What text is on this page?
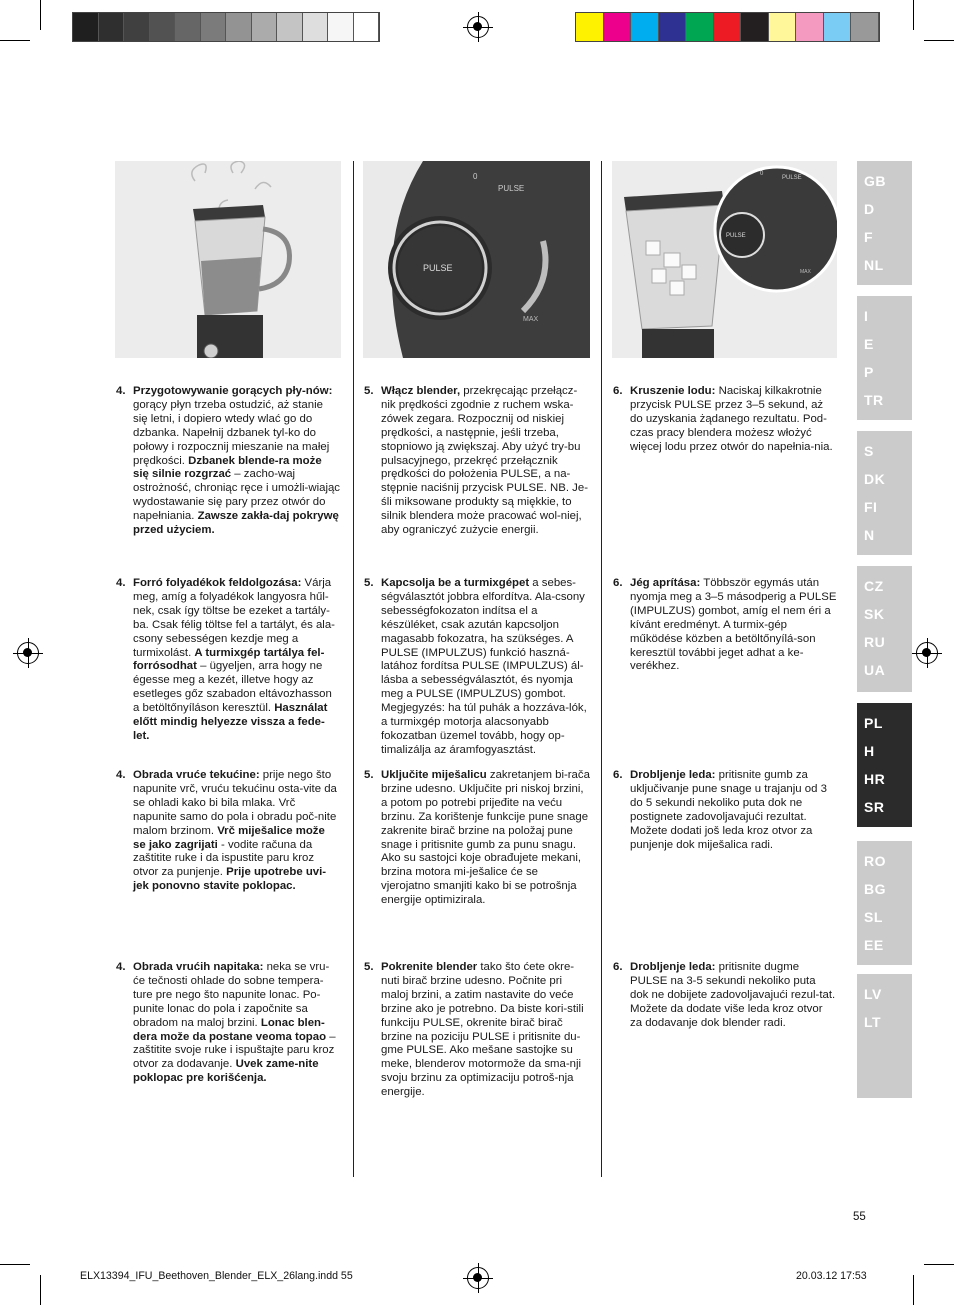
0
PULSE
MAX
PULSE
0
PULSE
MAX
PULSE
4. Przygotowywanie gorących pły-nów: gorący płyn trzeba ostudzić, aż stanie się letni, i dopiero wtedy wlać go do dzbanka. Napełnij dzbanek tyl-ko do połowy i rozpocznij mieszanie na małej prędkości. Dzbanek blende-ra może się silnie rozgrzać – zacho-waj ostrożność, chroniąc ręce i umożli-wiając wydostawanie się pary przez otwór do napełniania. Zawsze zakła-daj pokrywę przed użyciem.
5. Włącz blender, przekręcając przełącz-nik prędkości zgodnie z ruchem wska-zówek zegara. Rozpocznij od niskiej prędkości, a następnie, jeśli trzeba, stopniowo ją zwiększaj. Aby użyć try-bu pulsacyjnego, przekręć przełącznik prędkości do położenia PULSE, a na-stępnie naciśnij przycisk PULSE. NB. Je-śli miksowane produkty są miękkie, to silnik blendera może pracować wol-niej, aby ograniczyć zużycie energii.
6. Kruszenie lodu: Naciskaj kilkakrotnie przycisk PULSE przez 3–5 sekund, aż do uzyskania żądanego rezultatu. Pod-czas pracy blendera możesz włożyć więcej lodu przez otwór do napełnia-nia.
4. Forró folyadékok feldolgozása: Várja meg, amíg a folyadékok langyosra hűl-nek, csak így töltse be ezeket a tartály-ba. Csak félig töltse fel a tartályt, és ala-csony sebességen kezdje meg a turmixolást. A turmixgép tartálya fel-forrósodhat – ügyeljen, arra hogy ne égesse meg a kezét, illetve hogy az esetleges gőz szabadon eltávozhasson a betöltőnyíláson keresztül. Használat előtt mindig helyezze vissza a fede-let.
5. Kapcsolja be a turmixgépet a sebes-ségválasztót jobbra elfordítva. Ala-csony sebességfokozaton indítsa el a készüléket, csak azután kapcsoljon magasabb fokozatra, ha szükséges. A PULSE (IMPULZUS) funkció haszná-latához fordítsa PULSE (IMPULZUS) ál-lásba a sebességválasztót, és nyomja meg a PULSE (IMPULZUS) gombot. Megjegyzés: ha túl puhák a hozzáva-lók, a turmixgép motorja alacsonyabb fokozatban üzemel tovább, hogy op-timalizálja az áramfogyasztást.
6. Jég aprítása: Többször egymás után nyomja meg a 3–5 másodperig a PULSE (IMPULZUS) gombot, amíg el nem éri a kívánt eredményt. A turmix-gép működése közben a betöltőnyílá-son keresztül további jeget adhat a ke-verékhez.
4. Obrada vruće tekućine: prije nego što napunite vrč, vruću tekućinu osta-vite da se ohladi kako bi bila mlaka. Vrč napunite samo do pola i obradu poč-nite malom brzinom. Vrč miješalice može se jako zagrijati - vodite računa da zaštitite ruke i da ispustite paru kroz otvor za punjenje. Prije upotrebe uvi-jek ponovno stavite poklopac.
5. Uključite miješalicu zakretanjem bi-rača brzine udesno. Uključite pri niskoj brzini, a potom po potrebi prijeđite na veću brzinu. Za korištenje funkcije pune snage zakrenite birač brzine na položaj pune snage i pritisnite gumb za punu snagu. Ako su sastojci koje obrađujete mekani, brzina motora mi-ješalice će se vjerojatno smanjiti kako bi se potrošnja energije optimizirala.
6. Drobljenje leda: pritisnite gumb za uključivanje pune snage u trajanju od 3 do 5 sekundi nekoliko puta dok ne postignete zadovoljavajući rezultat. Možete dodati još leda kroz otvor za punjenje dok miješalica radi.
4. Obrada vrućih napitaka: neka se vru-će tečnosti ohlade do sobne tempera-ture pre nego što napunite lonac. Po-punite lonac do pola i započnite sa obradom na maloj brzini. Lonac blen-dera može da postane veoma topao – zaštitite svoje ruke i ispuštajte paru kroz otvor za dodavanje. Uvek zame-nite poklopac pre korišćenja.
5. Pokrenite blender tako što ćete okre-nuti birač brzine udesno. Počnite pri maloj brzini, a zatim nastavite do veće brzine ako je potrebno. Da biste kori-stili funkciju PULSE, okrenite birač birač brzine na poziciju PULSE i pritisnite du-gme PULSE. Ako mešane sastojke su meke, blenderov motormože da sma-nji svoju brzinu za optimizaciju potroš-nja energije.
6. Drobljenje leda: pritisnite dugme PULSE na 3-5 sekundi nekoliko puta dok ne dobijete zadovoljavajući rezul-tat. Možete da dodate više leda kroz otvor za dodavanje dok blender radi.
GB
D
F
NL
I
E
P
TR
S
DK
FI
N
CZ
SK
RU
UA
PL
H
HR
SR
RO
BG
SL
EE
LV
LT
55
ELX13394_IFU_Beethoven_Blender_ELX_26lang.indd 55	20.03.12 17:53
